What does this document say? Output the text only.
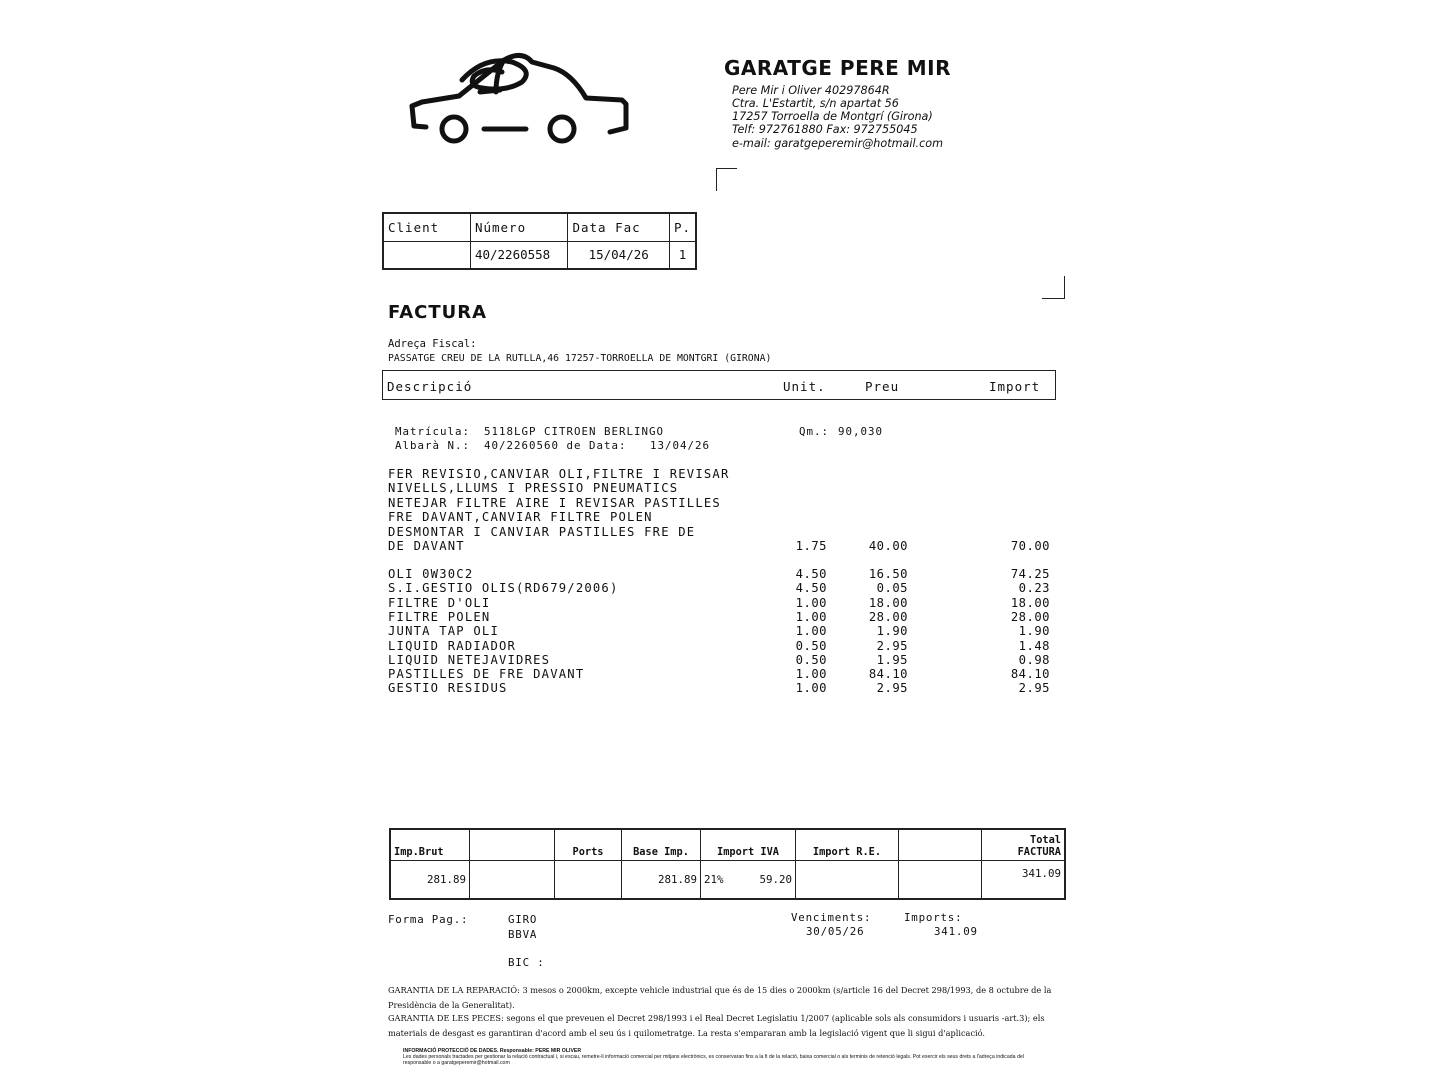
GARATGE PERE MIR
Pere Mir i Oliver 40297864R
Ctra. L'Estartit, s/n apartat 56
17257 Torroella de Montgrí (Girona)
Telf: 972761880 Fax: 972755045
e-mail: garatgeperemir@hotmail.com
Client	Número	Data Fac	P.
	40/2260558	15/04/26	1
FACTURA
Adreça Fiscal:
PASSATGE CREU DE LA RUTLLA,46 17257-TORROELLA DE MONTGRI (GIRONA)
Descripció	Unit.	Preu	Import
Matrícula: 5118LGP CITROEN BERLINGO	Qm.: 90,030
Albarà N.: 40/2260560 de Data: 13/04/26
FER REVISIO,CANVIAR OLI,FILTRE I REVISAR
NIVELLS,LLUMS I PRESSIO PNEUMATICS
NETEJAR FILTRE AIRE I REVISAR PASTILLES
FRE DAVANT,CANVIAR FILTRE POLEN
DESMONTAR I CANVIAR PASTILLES FRE DE
DE DAVANT	1.75	40.00	70.00
OLI 0W30C2	4.50	16.50	74.25
S.I.GESTIO OLIS(RD679/2006)	4.50	0.05	0.23
FILTRE D'OLI	1.00	18.00	18.00
FILTRE POLEN	1.00	28.00	28.00
JUNTA TAP OLI	1.00	1.90	1.90
LIQUID RADIADOR	0.50	2.95	1.48
LIQUID NETEJAVIDRES	0.50	1.95	0.98
PASTILLES DE FRE DAVANT	1.00	84.10	84.10
GESTIO RESIDUS	1.00	2.95	2.95
Imp.Brut		Ports	Base Imp.	Import IVA	Import R.E.		Total FACTURA
281.89			281.89	21% 59.20			341.09
Forma Pag.:	GIRO
BBVA
BIC :
Venciments:
30/05/26
Imports:
341.09
GARANTIA DE LA REPARACIÓ: 3 mesos o 2000km, excepte vehicle industrial que és de 15 dies o 2000km (s/article 16 del Decret 298/1993, de 8 octubre de la Presidència de la Generalitat).
GARANTIA DE LES PECES: segons el que preveuen el Decret 298/1993 i el Real Decret Legislatiu 1/2007 (aplicable sols als consumidors i usuaris -art.3); els materials de desgast es garantiran d'acord amb el seu ús i quilometratge. La resta s'empararan amb la legislació vigent que li sigui d'aplicació.
INFORMACIÓ PROTECCIÓ DE DADES. Responsable: PERE MIR OLIVER
Les dades personals tractades per gestionar la relació contractual i, si escau, remetre-li informació comercial per mitjans electrònics, es conservaran fins a la fi de la relació, baixa comercial o als terminis de retenció legals. Pot exercir els seus drets a l'adreça indicada del responsable o a garatgeperemir@hotmail.com
